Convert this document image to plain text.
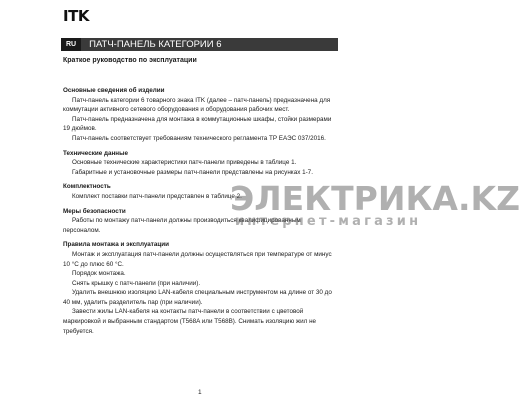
ITK
RU	ПАТЧ-ПАНЕЛЬ КАТЕГОРИИ 6
Краткое руководство по эксплуатации
Основные сведения об изделии
Патч-панель категории 6 товарного знака ITK (далее – патч-панель) предназначена для коммутации активного сетевого оборудования и оборудования рабочих мест.
Патч-панель предназначена для монтажа в коммутационные шкафы, стойки размерами 19 дюймов.
Патч-панель соответствует требованиям технического регламента ТР ЕАЭС 037/2016.
Технические данные
Основные технические характеристики патч-панели приведены в таблице 1.
Габаритные и установочные размеры патч-панели представлены на рисунках 1-7.
Комплектность
Комплект поставки патч-панели представлен в таблице 2.
Меры безопасности
Работы по монтажу патч-панели должны производиться квалифицированным персоналом.
Правила монтажа и эксплуатации
Монтаж и эксплуатация патч-панели должны осуществляться при температуре от минус 10 °С до плюс 60 °С.
Порядок монтажа.
Снять крышку с патч-панели (при наличии).
Удалить внешнюю изоляцию LAN-кабеля специальным инструментом на длине от 30 до 40 мм, удалить разделитель пар (при наличии).
Завести жилы LAN-кабеля на контакты патч-панели в соответствии с цветовой маркировкой и выбранным стандартом (T568A или T568B). Снимать изоляцию жил не требуется.
ЭЛЕКТРИКА.KZ
интернет-магазин
1
